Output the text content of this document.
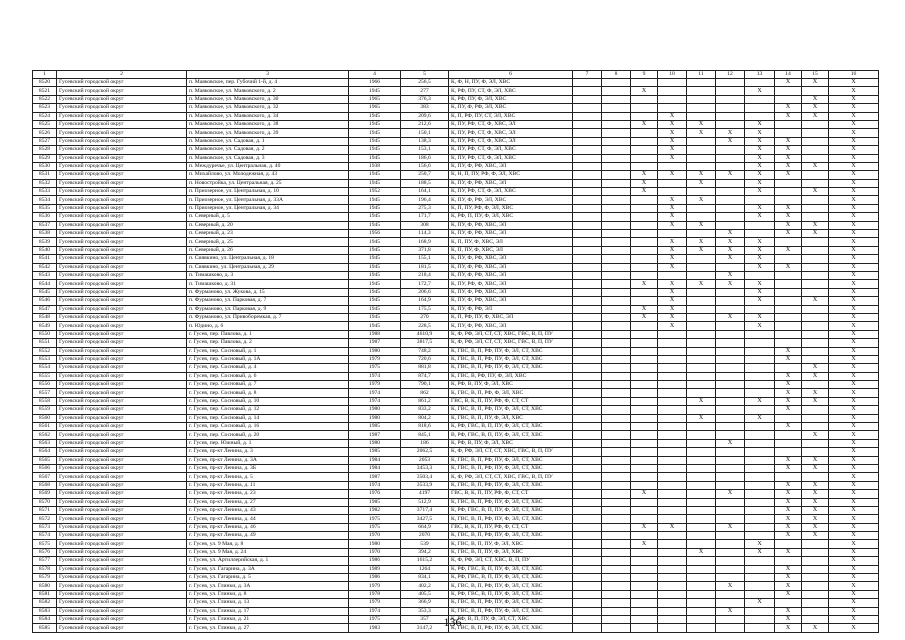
1	2	3	4	5	6	7	8	9	10	11	12	13	14	15	16
8520	Гусевский городской округ	п. Маяковское, пер. Губочий 1-й, д. 4	1966	256,5	К, Ф, Н, ПУ, Ф, ЭЛ, ХВС								X	X	X
8521	Гусевский городской округ	п. Маяковское, ул. Маяковского, д. 2	1945	277	К, РФ, ПУ, СТ, Ф, ЭЛ, ХВС			X				X			X
8522	Гусевский городской округ	п. Маяковское, ул. Маяковского, д. 30	1965	376,3	К, РФ, ПУ, Ф, ЭЛ, ХВС									X	X
8523	Гусевский городской округ	п. Маяковское, ул. Маяковского, д. 32	1965	383	К, ПУ, Ф, РФ, ЭЛ, ХВС								X	X	X
8524	Гусевский городской округ	п. Маяковское, ул. Маяковского, д. 34	1945	209,6	К, П, РФ, ПУ, СТ, ЭЛ, ХВС				X				X	X	X
8525	Гусевский городской округ	п. Маяковское, ул. Маяковского, д. 38	1945	212,6	К, ПУ, РФ, СТ, Ф, ХВС, ЭЛ			X	X	X		X			X
8526	Гусевский городской округ	п. Маяковское, ул. Маяковского, д. 39	1945	150,1	К, ПУ, РФ, СТ, Ф, ХВС, ЭЛ				X	X	X	X			X
8527	Гусевский городской округ	п. Маяковское, ул. Садовая, д. 1	1945	138,3	К, ПУ, РФ, СТ, Ф, ХВС, ЭЛ				X		X	X	X		X
8528	Гусевский городской округ	п. Маяковское, ул. Садовая, д. 2	1945	153,1	К, ПУ, РФ, СТ, Ф, ЭЛ, ХВС				X			X	X		X
8529	Гусевский городской округ	п. Маяковское, ул. Садовая, д. 3	1945	186,6	К, ПУ, РФ, СТ, Ф, ЭЛ, ХВС				X			X	X		X
8530	Гусевский городской округ	п. Междуречье, ул. Центральная, д. 40	1938	156,6	К, ПУ, Ф, РФ, ХВС, ЭЛ							X	X	X	X
8531	Гусевский городской округ	п. Михайлово, ул. Молодежная, д. 43	1945	250,7	К, Н, П, ПУ, РФ, Ф, ЭЛ, ХВС			X	X	X	X	X	X		X
8532	Гусевский городской округ	п. Новостройка, ул. Центральная, д. 25	1945	188,5	К, ПУ, Ф, РФ, ХВС, ЭЛ			X		X		X			X
8533	Гусевский городской округ	п. Приозерное, ул. Центральная, д. 10	1952	164,1	К, ПУ, РФ, СТ, Ф, ЭЛ, ХВС			X				X		X	X
8534	Гусевский городской округ	п. Приозерное, ул. Центральная, д. 33А	1945	196,4	К, ПУ, Ф, РФ, ЭЛ, ХВС				X	X					X
8535	Гусевский городской округ	п. Приозерное, ул. Центральная, д. 34	1945	275,3	К, П, ПУ, РФ, Ф, ЭЛ, ХВС				X			X	X		X
8536	Гусевский городской округ	п. Северный, д. 5	1945	171,7	К, РФ, П, ПУ, Ф, ЭЛ, ХВС				X			X	X		X
8537	Гусевский городской округ	п. Северный, д. 20	1945	308	К, ПУ, Ф, РФ, ХВС, ЭЛ				X	X			X	X	X
8538	Гусевский городской округ	п. Северный, д. 23	1956	114,3	К, ПУ, Ф, РФ, ХВС, ЭЛ						X		X	X	X
8539	Гусевский городской округ	п. Северный, д. 25	1945	168,9	К, П, ПУ, Ф, ХВС, ЭЛ				X	X	X	X			X
8540	Гусевский городской округ	п. Северный, д. 26	1945	371,8	К, П, ПУ, Ф, ХВС, ЭЛ				X	X	X	X	X		X
8541	Гусевский городской округ	п. Сиявкино, ул. Центральная, д. 18	1945	155,1	К, ПУ, Ф, РФ, ХВС, ЭЛ				X		X	X			X
8542	Гусевский городской округ	п. Сиявкино, ул. Центральная, д. 29	1945	181,5	К, ПУ, Ф, РФ, ХВС, ЭЛ				X			X	X		X
8543	Гусевский городской округ	п. Тимашково, д. 3	1945	218,4	К, ПУ, Ф, РФ, ХВС, ЭЛ						X				X
8544	Гусевский городской округ	п. Тимашково, д. 31	1945	172,7	К, ПУ, РФ, Ф, ХВС, ЭЛ			X	X	X	X	X			X
8545	Гусевский городской округ	п. Фурманово, ул. Жукова, д. 15	1945	206,6	К, ПУ, Ф, РФ, ХВС, ЭЛ				X			X			X
8546	Гусевский городской округ	п. Фурманово, ул. Парковая, д. 7	1945	164,9	К, ПУ, Ф, РФ, ХВС, ЭЛ				X			X		X	X
8547	Гусевский городской округ	п. Фурманово, ул. Парковая, д. 9	1945	175,5	К, ПУ, Ф, РФ, ЭЛ			X	X						X
8548	Гусевский городской округ	п. Фурманово, ул. Привоборемкая, д. 7	1945	270	К, П, РФ, ПУ, Ф, ХВС, ЭЛ			X	X		X	X			X
8549	Гусевский городской округ	п. Юдино, д. 6	1945	228,5	К, ПУ, Ф, РФ, ХВС, ЭЛ				X			X			X
8550	Гусевский городской округ	г. Гусев, пер. Павлова, д. 1	1988	4610,9	К, Ф, РФ, ЭЛ, СТ, СТ, ХВС, ГВС, В, П, ПУ										X
8551	Гусевский городской округ	г. Гусев, пер. Павлова, д. 2	1987	3817,5	К, Ф, РФ, ЭЛ, СТ, СТ, ХВС, ГВС, В, П, ПУ										X
8552	Гусевский городской округ	г. Гусев, пер. Сосновый, д. 1	1980	748,2	К, ГВС, В, П, РФ, ПУ, Ф, ЭЛ, СТ, ХВС								X		X
8553	Гусевский городской округ	г. Гусев, пер. Сосновый, д. 1А	1979	720,6	К, ГВС, В, П, РФ, ПУ, Ф, ЭЛ, СТ, ХВС								X		X
8554	Гусевский городской округ	г. Гусев, пер. Сосновый, д. 4	1975	881,8	К, ГВС, В, П, РФ, ПУ, Ф, ЭЛ, СТ, ХВС									X	X
8555	Гусевский городской округ	г. Гусев, пер. Сосновый, д. 6	1974	874,7	К, ГВС, В, РФ, ПУ, Ф, ЭЛ, ХВС								X	X	X
8556	Гусевский городской округ	г. Гусев, пер. Сосновый, д. 7	1979	790,1	К, РФ, В, ПУ, Ф, ЭЛ, ХВС								X		X
8557	Гусевский городской округ	г. Гусев, пер. Сосновый, д. 8	1974	862	К, ГВС, В, П, РФ, Ф, ЭЛ, ХВС								X	X	X
8558	Гусевский городской округ	г. Гусев, пер. Сосновый, д. 10	1974	861,2	ГВС, В, К, П, ПУ, РФ, Ф, СТ, СТ					X		X	X	X	X
8559	Гусевский городской округ	г. Гусев, пер. Сосновый, д. 12	1980	833,2	К, ГВС, В, П, РФ, ПУ, Ф, ЭЛ, СТ, ХВС								X		X
8560	Гусевский городской округ	г. Гусев, пер. Сосновый, д. 14	1980	804,2	К, ГВС, В, П, ПУ, Ф, ЭЛ, ХВС					X		X			X
8561	Гусевский городской округ	г. Гусев, пер. Сосновый, д. 16	1985	818,6	К, РФ, ГВС, В, П, ПУ, Ф, ЭЛ, СТ, ХВС								X		X
8562	Гусевский городской округ	г. Гусев, пер. Сосновый, д. 20	1987	845,1	В, РФ, ГВС, В, П, ПУ, Ф, ЭЛ, СТ, ХВС									X	X
8563	Гусевский городской округ	г. Гусев, пер. Южный, д. 1	1980	186	К, РФ, В, ПУ, Ф, ЭЛ, ХВС						X				X
8564	Гусевский городской округ	г. Гусев, пр-кт Ленина, д. 3	1985	2062,5	К, Ф, РФ, ЭЛ, СТ, СТ, ХВС, ГВС, В, П, ПУ										X
8565	Гусевский городской округ	г. Гусев, пр-кт Ленина, д. 3А	1984	2053	К, ГВС, В, П, РФ, ПУ, Ф, ЭЛ, СТ, ХВС								X	X	X
8566	Гусевский городской округ	г. Гусев, пр-кт Ленина, д. 3Б	1984	3453,3	К, ГВС, В, П, РФ, ПУ, Ф, ЭЛ, СТ, ХВС								X	X	X
8567	Гусевский городской округ	г. Гусев, пр-кт Ленина, д. 5	1987	3503,4	К, Ф, РФ, ЭЛ, СТ, СТ, ХВС, ГВС, В, П, ПУ										X
8568	Гусевский городской округ	г. Гусев, пр-кт Ленина, д. 11	1974	3533,9	К, ГВС, В, П, РФ, ПУ, Ф, ЭЛ, СТ, ХВС								X	X	X
8569	Гусевский городской округ	г. Гусев, пр-кт Ленина, д. 23	1976	4197	ГВС, В, К, П, ПУ, РФ, Ф, СТ, СТ			X			X		X	X	X
8570	Гусевский городской округ	г. Гусев, пр-кт Ленина, д. 27	1985	512,9	К, ГВС, В, П, РФ, ПУ, Ф, ЭЛ, СТ, ХВС								X	X	X
8571	Гусевский городской округ	г. Гусев, пр-кт Ленина, д. 43	1982	3717,4	К, РФ, ГВС, В, П, ПУ, Ф, ЭЛ, СТ, ХВС								X	X	X
8572	Гусевский городской округ	г. Гусев, пр-кт Ленина, д. 44	1975	3427,5	К, ГВС, В, П, РФ, ПУ, Ф, ЭЛ, СТ, ХВС								X	X	X
8573	Гусевский городской округ	г. Гусев, пр-кт Ленина, д. 46	1975	664,9	ГВС, В, К, П, ПУ, РФ, Ф, СТ, СТ			X	X		X		X	X	X
8574	Гусевский городской округ	г. Гусев, пр-кт Ленина, д. 49	1970	2070	К, ГВС, В, П, РФ, ПУ, Ф, ЭЛ, СТ, ХВС								X	X	X
8575	Гусевский городской округ	г. Гусев, ул. 9 Мая, д. 8	1980	539	К, ГВС, В, П, ПУ, Ф, ЭЛ, ХВС			X				X			X
8576	Гусевский городской округ	г. Гусев, ул. 9 Мая, д. 24	1970	394,2	К, ГВС, В, П, ПУ, Ф, ЭЛ, ХВС					X		X	X		X
8577	Гусевский городской округ	г. Гусев, ул. Артиллерийская, д. 1	1986	1615,2	К, Ф, РФ, ЭЛ, СТ, ХВС, В, П, ПУ										X
8578	Гусевский городской округ	г. Гусев, ул. Гагарина, д. 3А	1989	1264	К, РФ, ГВС, В, П, ПУ, Ф, ЭЛ, СТ, ХВС								X		X
8579	Гусевский городской округ	г. Гусев, ул. Гагарина, д. 5	1986	834,1	К, РФ, ГВС, В, П, ПУ, Ф, ЭЛ, СТ, ХВС								X		X
8580	Гусевский городской округ	г. Гусев, ул. Глинки, д. 3А	1979	402,2	К, ГВС, В, П, РФ, ПУ, Ф, ЭЛ, СТ, ХВС						X		X		X
8581	Гусевский городской округ	г. Гусев, ул. Глинки, д. 8	1978	405,5	К, РФ, ГВС, В, П, ПУ, Ф, ЭЛ, СТ, ХВС								X		X
8582	Гусевский городской округ	г. Гусев, ул. Глинки, д. 13	1979	366,9	К, ГВС, В, П, РФ, ПУ, Ф, ЭЛ, СТ, ХВС							X			X
8583	Гусевский городской округ	г. Гусев, ул. Глинки, д. 17	1974	353,3	К, ГВС, В, П, РФ, ПУ, Ф, ЭЛ, СТ, ХВС						X		X		X
8584	Гусевский городской округ	г. Гусев, ул. Глинки, д. 21	1975	357	К, РФ, В, П, ПУ, Ф, ЭЛ, СТ, ХВС								X		X
8585	Гусевский городской округ	г. Гусев, ул. Глинки, д. 27	1983	3147,2	К, ГВС, В, П, РФ, ПУ, Ф, ЭЛ, СТ, ХВС								X	X	X
136
